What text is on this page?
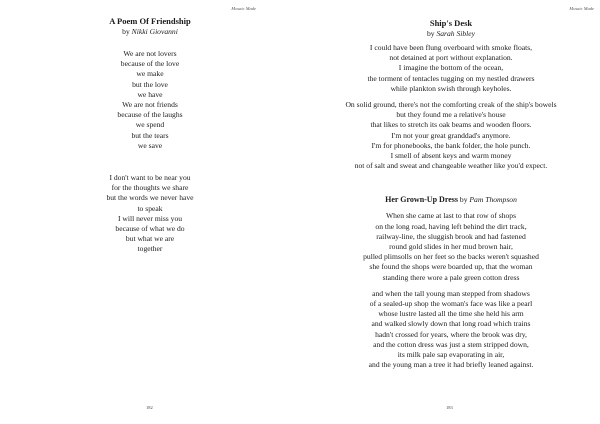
Mosaic Made
A Poem Of Friendship
by Nikki Giovanni
We are not lovers
because of the love
we make
but the love
we have
We are not friends
because of the laughs
we spend
but the tears
we save
I don't want to be near you
for the thoughts we share
but the words we never have
to speak
I will never miss you
because of what we do
but what we are
together
182
Mosaic Made
Ship's Desk
by Sarah Sibley
I could have been flung overboard with smoke floats,
not detained at port without explanation.
I imagine the bottom of the ocean,
the torment of tentacles tugging on my nestled drawers
while plankton swish through keyholes.
On solid ground, there's not the comforting creak of the ship's bowels
but they found me a relative's house
that likes to stretch its oak beams and wooden floors.
I'm not your great granddad's anymore.
I'm for phonebooks, the bank folder, the hole punch.
I smell of absent keys and warm money
not of salt and sweat and changeable weather like you'd expect.
Her Grown-Up Dress by Pam Thompson
When she came at last to that row of shops
on the long road, having left behind the dirt track,
railway-line, the sluggish brook and had fastened
round gold slides in her mud brown hair,
pulled plimsolls on her feet so the backs weren't squashed
she found the shops were boarded up, that the woman
standing there wore a pale green cotton dress
and when the tall young man stepped from shadows
of a sealed-up shop the woman's face was like a pearl
whose lustre lasted all the time she held his arm
and walked slowly down that long road which trains
hadn't crossed for years, where the brook was dry,
and the cotton dress was just a stem stripped down,
its milk pale sap evaporating in air,
and the young man a tree it had briefly leaned against.
183
